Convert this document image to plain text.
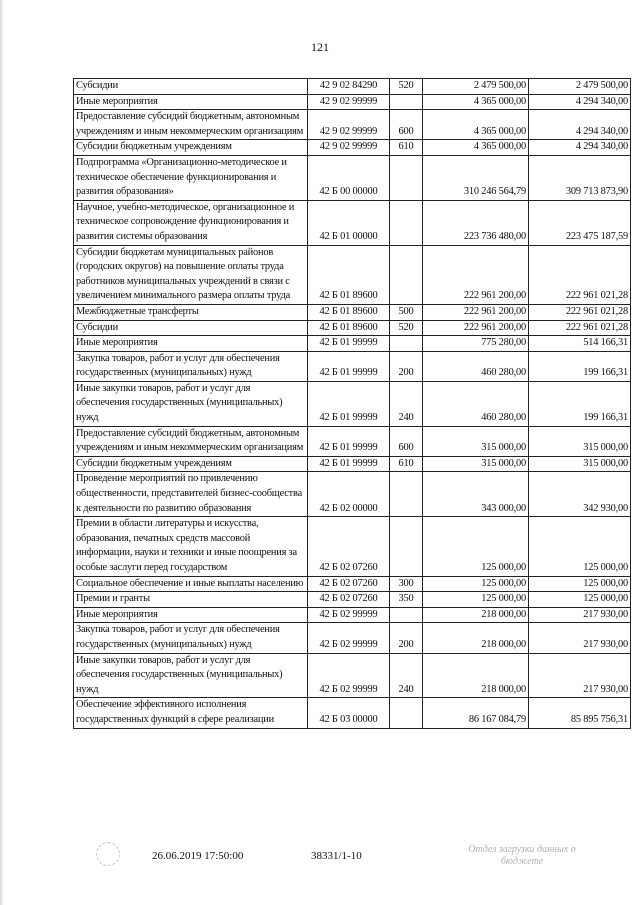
121
Субсидии	42 9 02 84290	520	2 479 500,00	2 479 500,00
Иные мероприятия	42 9 02 99999		4 365 000,00	4 294 340,00
Предоставление субсидий бюджетным, автономным учреждениям и иным некоммерческим организациям	42 9 02 99999	600	4 365 000,00	4 294 340,00
Субсидии бюджетным учреждениям	42 9 02 99999	610	4 365 000,00	4 294 340,00
Подпрограмма «Организационно-методическое и техническое обеспечение функционирования и развития образования»	42 Б 00 00000		310 246 564,79	309 713 873,90
Научное, учебно-методическое, организационное и техническое сопровождение функционирования и развития системы образования	42 Б 01 00000		223 736 480,00	223 475 187,59
Субсидии бюджетам муниципальных районов (городских округов) на повышение оплаты труда работников муниципальных учреждений в связи с увеличением минимального размера оплаты труда	42 Б 01 89600		222 961 200,00	222 961 021,28
Межбюджетные трансферты	42 Б 01 89600	500	222 961 200,00	222 961 021,28
Субсидии	42 Б 01 89600	520	222 961 200,00	222 961 021,28
Иные мероприятия	42 Б 01 99999		775 280,00	514 166,31
Закупка товаров, работ и услуг для обеспечения государственных (муниципальных) нужд	42 Б 01 99999	200	460 280,00	199 166,31
Иные закупки товаров, работ и услуг для обеспечения государственных (муниципальных) нужд	42 Б 01 99999	240	460 280,00	199 166,31
Предоставление субсидий бюджетным, автономным учреждениям и иным некоммерческим организациям	42 Б 01 99999	600	315 000,00	315 000,00
Субсидии бюджетным учреждениям	42 Б 01 99999	610	315 000,00	315 000,00
Проведение мероприятий по привлечению общественности, представителей бизнес-сообщества к деятельности по развитию образования	42 Б 02 00000		343 000,00	342 930,00
Премии в области литературы и искусства, образования, печатных средств массовой информации, науки и техники и иные поощрения за особые заслуги перед государством	42 Б 02 07260		125 000,00	125 000,00
Социальное обеспечение и иные выплаты населению	42 Б 02 07260	300	125 000,00	125 000,00
Премии и гранты	42 Б 02 07260	350	125 000,00	125 000,00
Иные мероприятия	42 Б 02 99999		218 000,00	217 930,00
Закупка товаров, работ и услуг для обеспечения государственных (муниципальных) нужд	42 Б 02 99999	200	218 000,00	217 930,00
Иные закупки товаров, работ и услуг для обеспечения государственных (муниципальных) нужд	42 Б 02 99999	240	218 000,00	217 930,00
Обеспечение эффективного исполнения государственных функций в сфере реализации	42 Б 03 00000		86 167 084,79	85 895 756,31
26.06.2019 17:50:00	38331/1-10
Отдел загрузки данных о бюджете
